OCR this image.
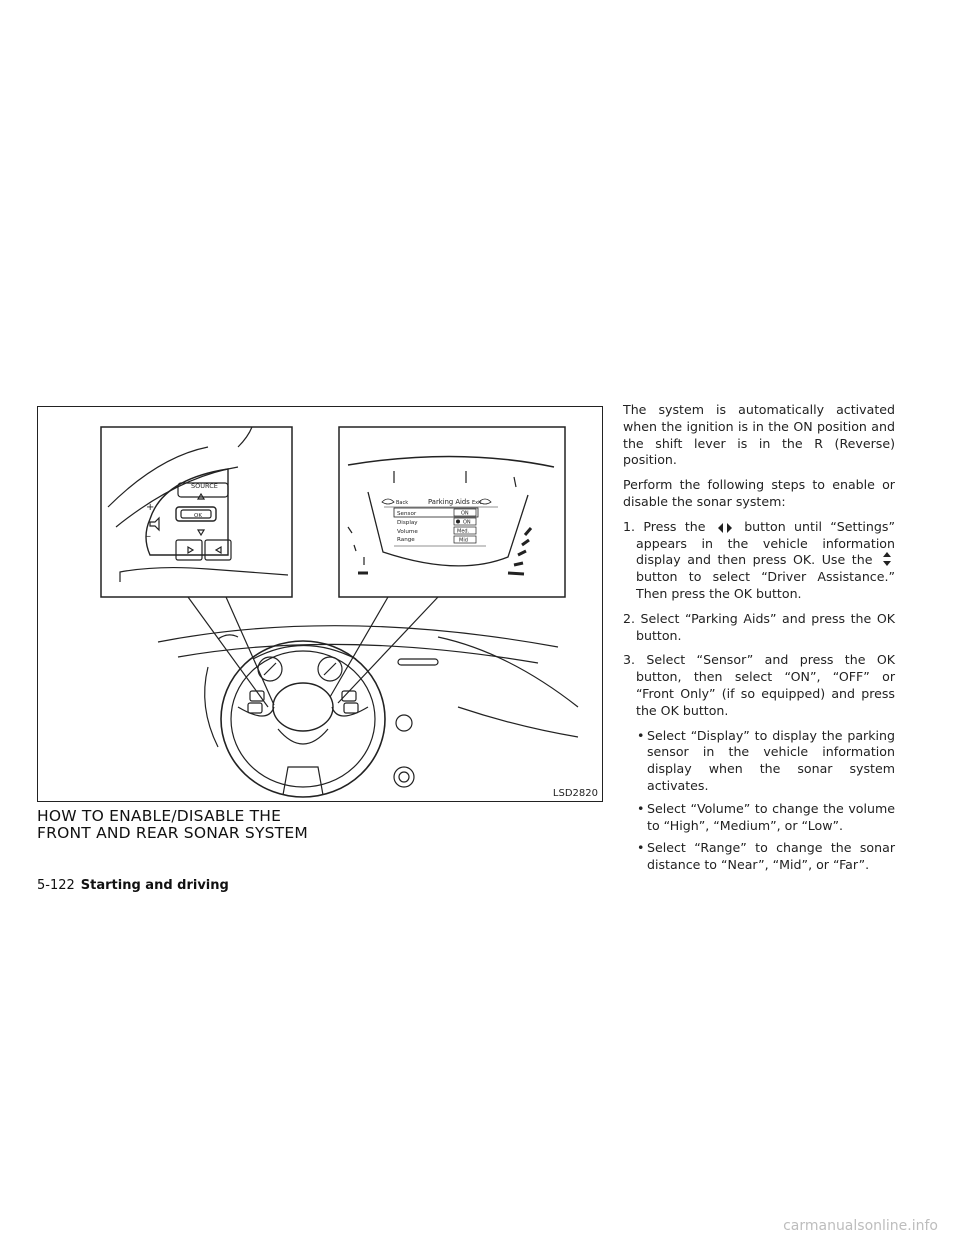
SOURCE
OK
+
–
Back	Parking Aids Exit
Sensor	ON
Display	ON
Volume	Med.
Range	Mid
LSD2820
HOW TO ENABLE/DISABLE THE
FRONT AND REAR SONAR SYSTEM

The system is automatically activated when the ignition is in the ON position and the shift lever is in the R (Reverse) position.

Perform the following steps to enable or disable the sonar system:

1. Press the	button until “Settings” appears in the vehicle information display and then press OK. Use the  button to select “Driver Assistance.” Then press the OK button.
2. Select “Parking Aids” and press the OK button.
3. Select “Sensor” and press the OK button, then select “ON”, “OFF” or “Front Only” (if so equipped) and press the OK button.
• Select “Display” to display the parking sensor in the vehicle information display when the sonar system activates.
• Select “Volume” to change the volume to “High”, “Medium”, or “Low”.
• Select “Range” to change the sonar distance to “Near”, “Mid”, or “Far”.
5-122 Starting and driving
carmanualsonline.info
